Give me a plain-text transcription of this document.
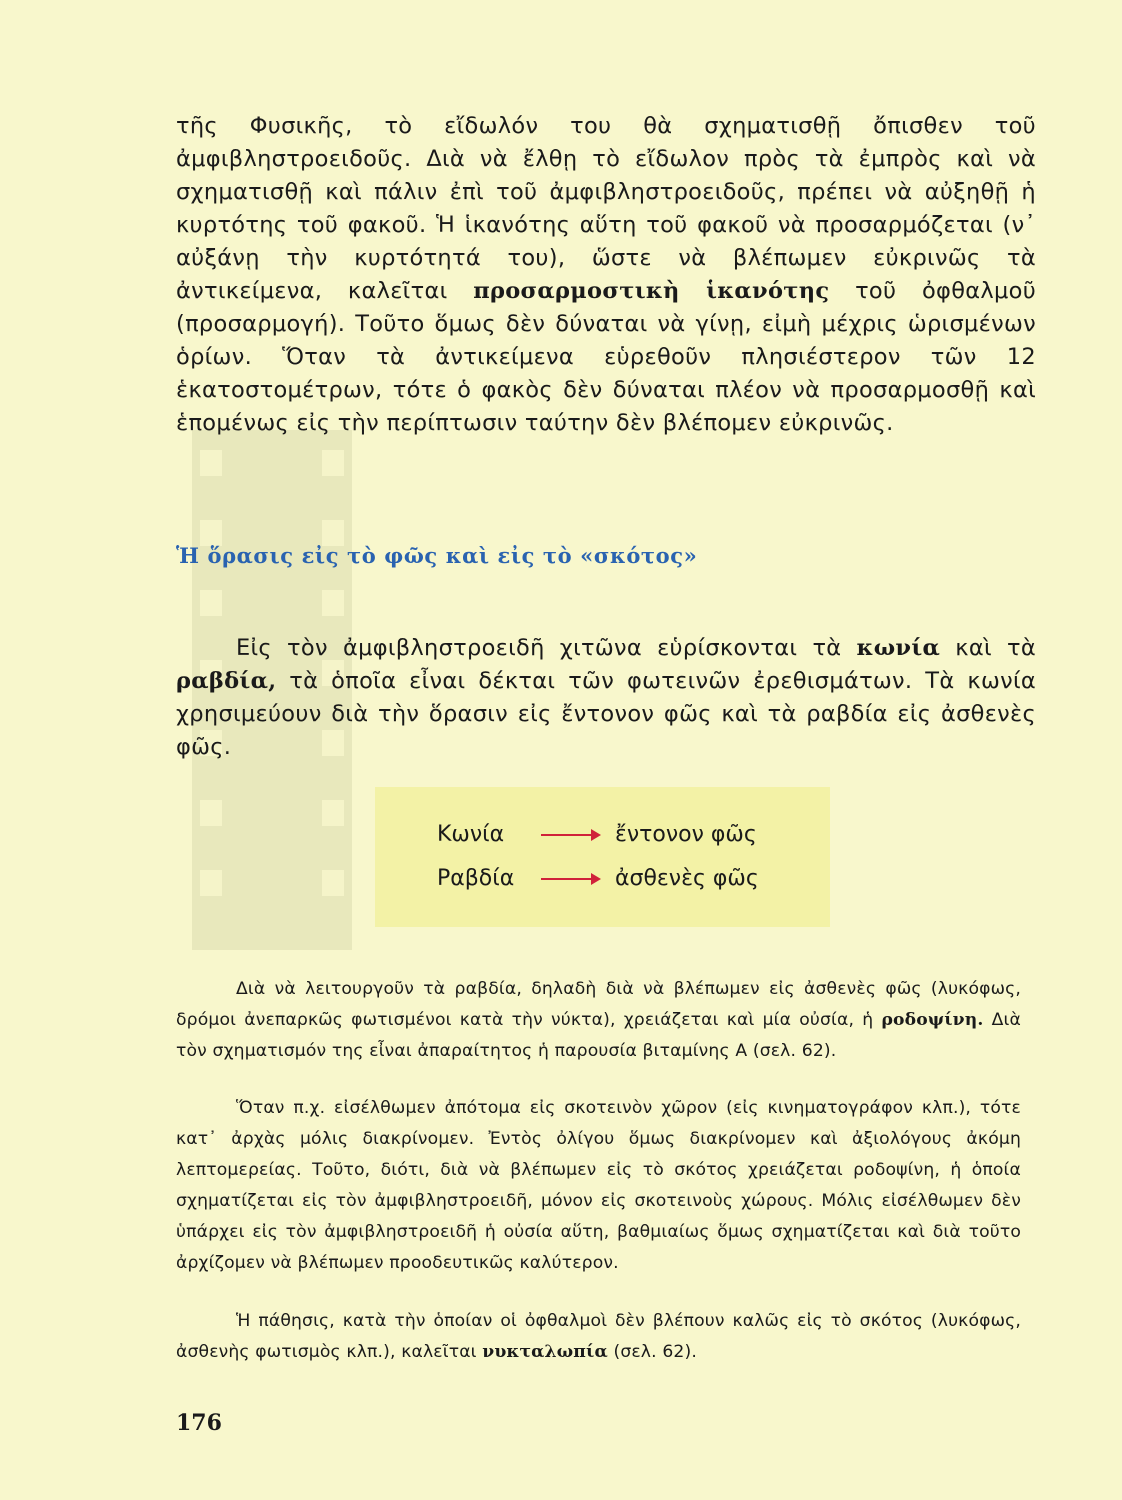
τῆς Φυσικῆς, τὸ εἴδωλόν του θὰ σχηματισθῇ ὄπισθεν τοῦ ἀμφιβληστροειδοῦς. Διὰ νὰ ἔλθῃ τὸ εἴδωλον πρὸς τὰ ἐμπρὸς καὶ νὰ σχηματισθῇ καὶ πάλιν ἐπὶ τοῦ ἀμφιβληστροειδοῦς, πρέπει νὰ αὐξηθῇ ἡ κυρτότης τοῦ φακοῦ. Ἡ ἱκανότης αὕτη τοῦ φακοῦ νὰ προσαρμόζεται (ν᾿ αὐξάνῃ τὴν κυρτότητά του), ὥστε νὰ βλέπωμεν εὐκρινῶς τὰ ἀντικείμενα, καλεῖται προσαρμοστικὴ ἱκανότης τοῦ ὀφθαλμοῦ (προσαρμογή). Τοῦτο ὅμως δὲν δύναται νὰ γίνῃ, εἰμὴ μέχρις ὡρισμένων ὁρίων. Ὅταν τὰ ἀντικείμενα εὑρεθοῦν πλησιέστερον τῶν 12 ἑκατοστομέτρων, τότε ὁ φακὸς δὲν δύναται πλέον νὰ προσαρμοσθῇ καὶ ἑπομένως εἰς τὴν περίπτωσιν ταύτην δὲν βλέπομεν εὐκρινῶς.

Ἡ ὅρασις εἰς τὸ φῶς καὶ εἰς τὸ «σκότος»

Εἰς τὸν ἀμφιβληστροειδῆ χιτῶνα εὑρίσκονται τὰ κωνία καὶ τὰ ραβδία, τὰ ὁποῖα εἶναι δέκται τῶν φωτεινῶν ἐρεθισμάτων. Τὰ κωνία χρησιμεύουν διὰ τὴν ὅρασιν εἰς ἔντονον φῶς καὶ τὰ ραβδία εἰς ἀσθενὲς φῶς.

Κωνία	ἔντονον φῶς
Ραβδία	ἀσθενὲς φῶς

Διὰ νὰ λειτουργοῦν τὰ ραβδία, δηλαδὴ διὰ νὰ βλέπωμεν εἰς ἀσθενὲς φῶς (λυκόφως, δρόμοι ἀνεπαρκῶς φωτισμένοι κατὰ τὴν νύκτα), χρειάζεται καὶ μία οὐσία, ἡ ροδοψίνη. Διὰ τὸν σχηματισμόν της εἶναι ἀπαραίτητος ἡ παρουσία βιταμίνης Α (σελ. 62).

Ὅταν π.χ. εἰσέλθωμεν ἀπότομα εἰς σκοτεινὸν χῶρον (εἰς κινηματογράφον κλπ.), τότε κατ᾿ ἀρχὰς μόλις διακρίνομεν. Ἐντὸς ὀλίγου ὅμως διακρίνομεν καὶ ἀξιολόγους ἀκόμη λεπτομερείας. Τοῦτο, διότι, διὰ νὰ βλέπωμεν εἰς τὸ σκότος χρειάζεται ροδοψίνη, ἡ ὁποία σχηματίζεται εἰς τὸν ἀμφιβληστροειδῆ, μόνον εἰς σκοτεινοὺς χώρους. Μόλις εἰσέλθωμεν δὲν ὑπάρχει εἰς τὸν ἀμφιβληστροειδῆ ἡ οὐσία αὕτη, βαθμιαίως ὅμως σχηματίζεται καὶ διὰ τοῦτο ἀρχίζομεν νὰ βλέπωμεν προοδευτικῶς καλύτερον.

Ἡ πάθησις, κατὰ τὴν ὁποίαν οἱ ὀφθαλμοὶ δὲν βλέπουν καλῶς εἰς τὸ σκότος (λυκόφως, ἀσθενὴς φωτισμὸς κλπ.), καλεῖται νυκταλωπία (σελ. 62).

176
